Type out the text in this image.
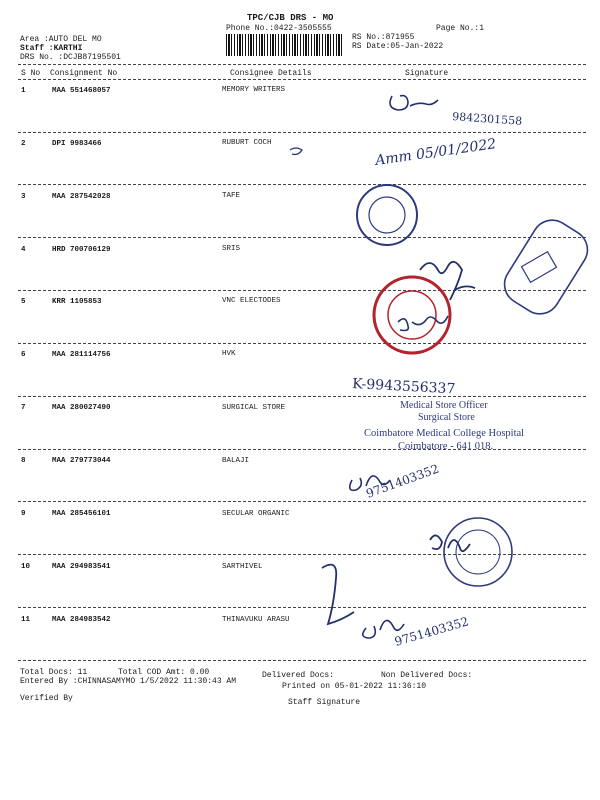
TPC/CJB DRS - MO
Phone No.:0422-3505555	Page No.:1
Area :AUTO DEL MO
Staff :KARTHI
DRS No. :DCJB87195501
RS No.:871955
RS Date:05-Jan-2022
S No Consignment No	Consignee Details	Signature
1	MAA 551468057	MEMORY WRITERS
2	DPI 9983466	RUBURT COCH
3	MAA 287542028	TAFE
4	HRD 700706129	SRIS
5	KRR 1105853	VNC ELECTODES
6	MAA 281114756	HVK
7	MAA 280027490	SURGICAL STORE
8	MAA 279773044	BALAJI
9	MAA 285456101	SECULAR ORGANIC
10	MAA 294983541	SARTHIVEL
11	MAA 284983542	THINAVUKU ARASU
Total Docs: 11	Total COD Amt: 0.00	Delivered Docs:	Non Delivered Docs:
Entered By :CHINNASAMYMO 1/5/2022 11:30:43 AM
Printed on 05-01-2022 11:36:10
Verified By	Staff Signature
9842301558
Amm 05/01/2022
K-9943556337
Medical Store Officer
Surgical Store
Coimbatore Medical College Hospital
Coimbatore - 641 018.
9751403352
9751403352
